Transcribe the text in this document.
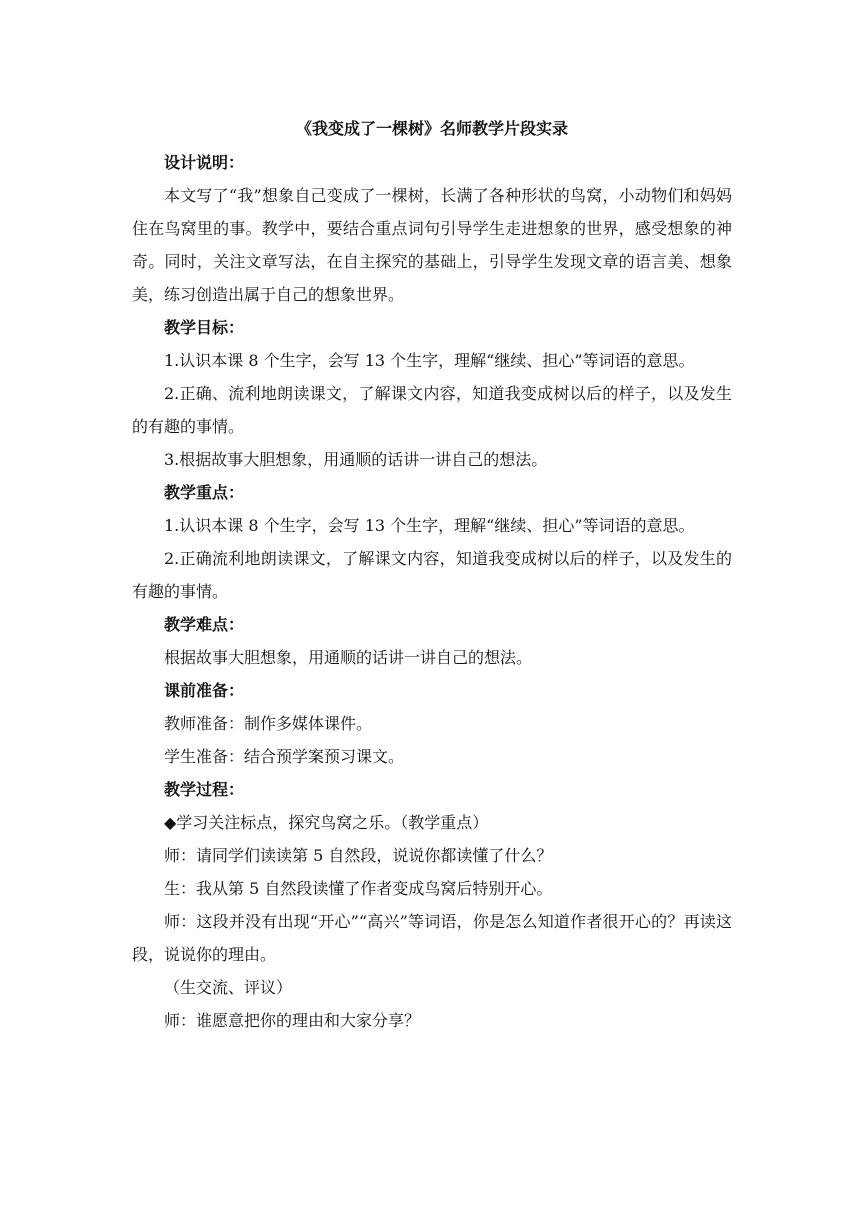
《我变成了一棵树》名师教学片段实录

设计说明：

本文写了“我”想象自己变成了一棵树，长满了各种形状的鸟窝，小动物们和妈妈住在鸟窝里的事。教学中，要结合重点词句引导学生走进想象的世界，感受想象的神奇。同时，关注文章写法，在自主探究的基础上，引导学生发现文章的语言美、想象美，练习创造出属于自己的想象世界。

教学目标：

1.认识本课 8 个生字，会写 13 个生字，理解“继续、担心”等词语的意思。

2.正确、流利地朗读课文，了解课文内容，知道我变成树以后的样子，以及发生的有趣的事情。

3.根据故事大胆想象，用通顺的话讲一讲自己的想法。

教学重点：

1.认识本课 8 个生字，会写 13 个生字，理解“继续、担心”等词语的意思。

2.正确流利地朗读课文，了解课文内容，知道我变成树以后的样子，以及发生的有趣的事情。

教学难点：

根据故事大胆想象，用通顺的话讲一讲自己的想法。

课前准备：

教师准备：制作多媒体课件。

学生准备：结合预学案预习课文。

教学过程：

◆学习关注标点，探究鸟窝之乐。（教学重点）

师：请同学们读读第 5 自然段，说说你都读懂了什么？

生：我从第 5 自然段读懂了作者变成鸟窝后特别开心。

师：这段并没有出现“开心”“高兴”等词语，你是怎么知道作者很开心的？再读这段，说说你的理由。

（生交流、评议）

师：谁愿意把你的理由和大家分享？
